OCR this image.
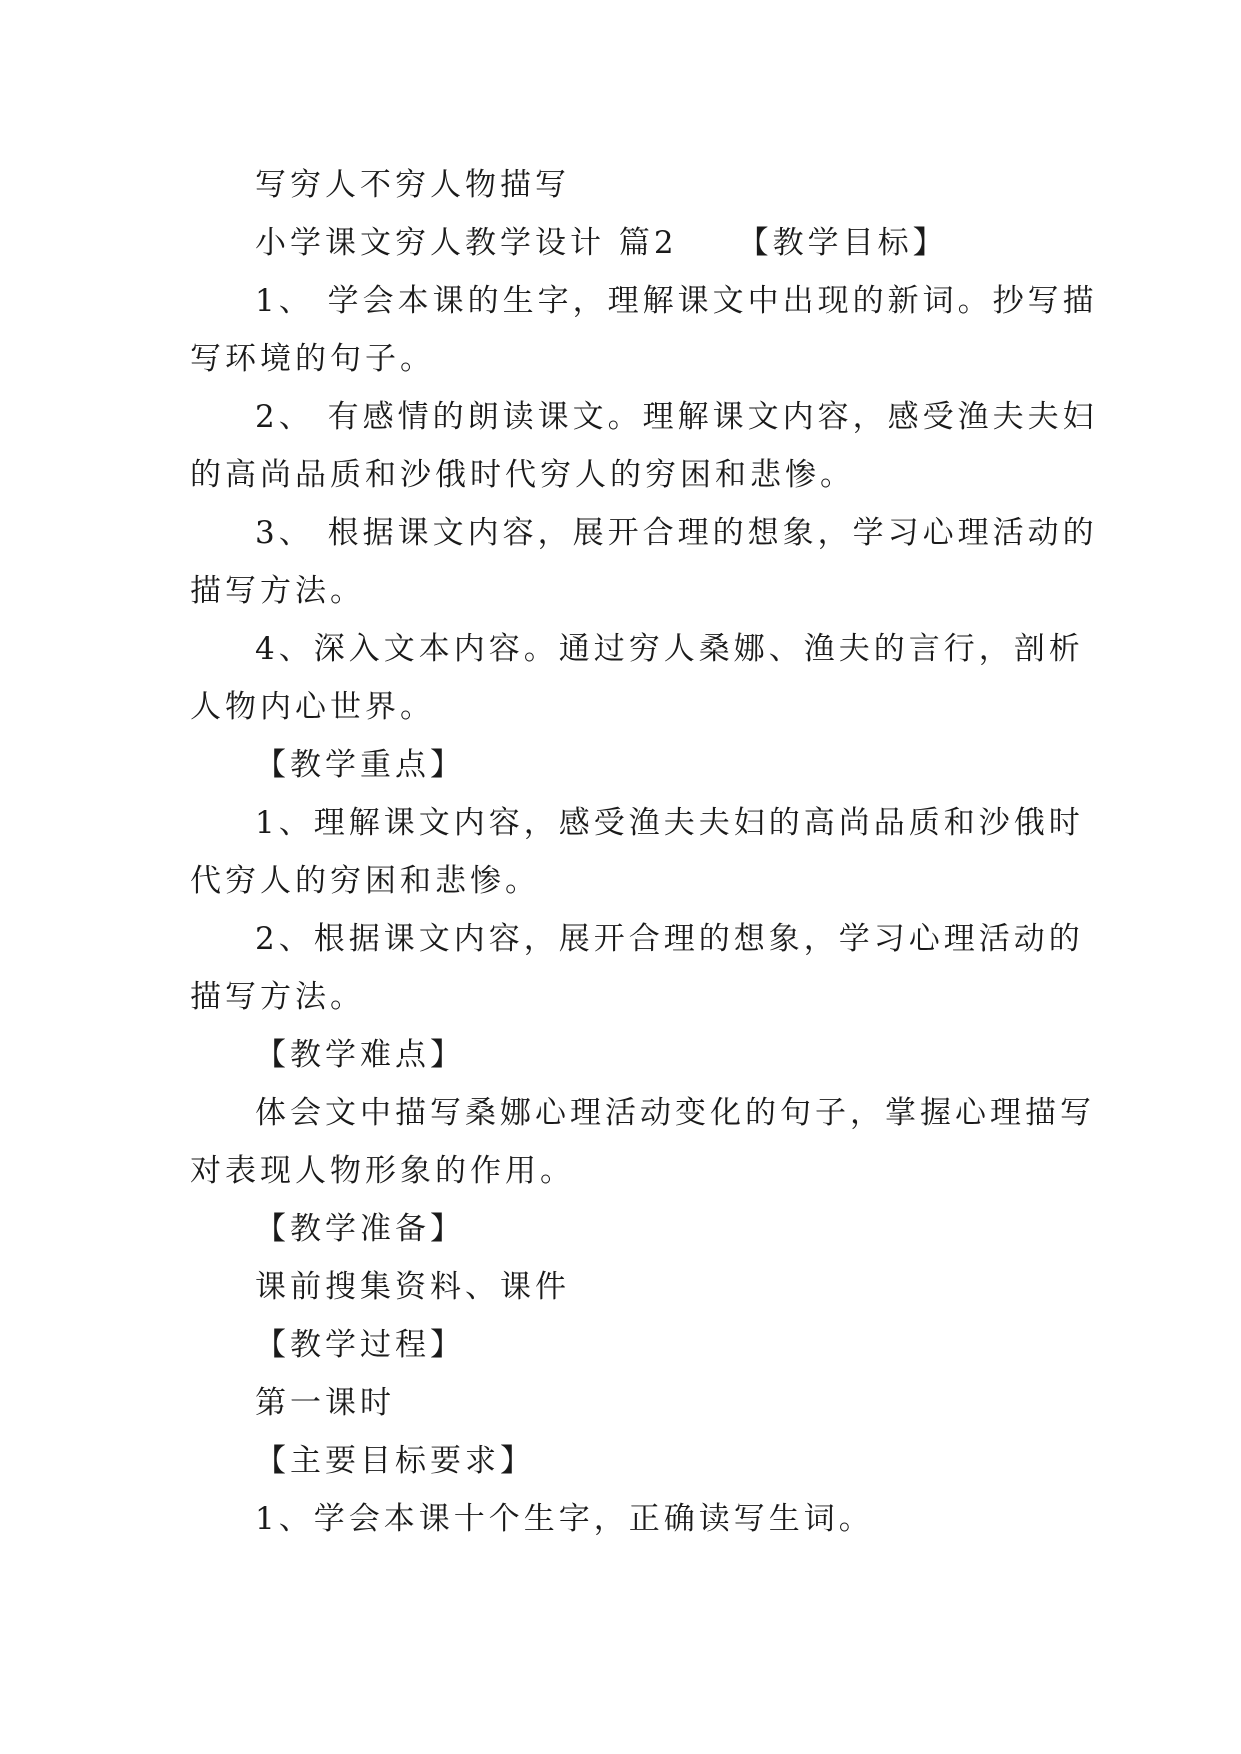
写穷人不穷人物描写
小学课文穷人教学设计 篇2 【教学目标】
1、 学会本课的生字，理解课文中出现的新词。抄写描
写环境的句子。
2、 有感情的朗读课文。理解课文内容，感受渔夫夫妇
的高尚品质和沙俄时代穷人的穷困和悲惨。
3、 根据课文内容，展开合理的想象，学习心理活动的
描写方法。
4、深入文本内容。通过穷人桑娜、渔夫的言行，剖析
人物内心世界。
【教学重点】
1、理解课文内容，感受渔夫夫妇的高尚品质和沙俄时
代穷人的穷困和悲惨。
2、根据课文内容，展开合理的想象，学习心理活动的
描写方法。
【教学难点】
体会文中描写桑娜心理活动变化的句子，掌握心理描写
对表现人物形象的作用。
【教学准备】
课前搜集资料、课件
【教学过程】
第一课时
【主要目标要求】
1、学会本课十个生字，正确读写生词。
